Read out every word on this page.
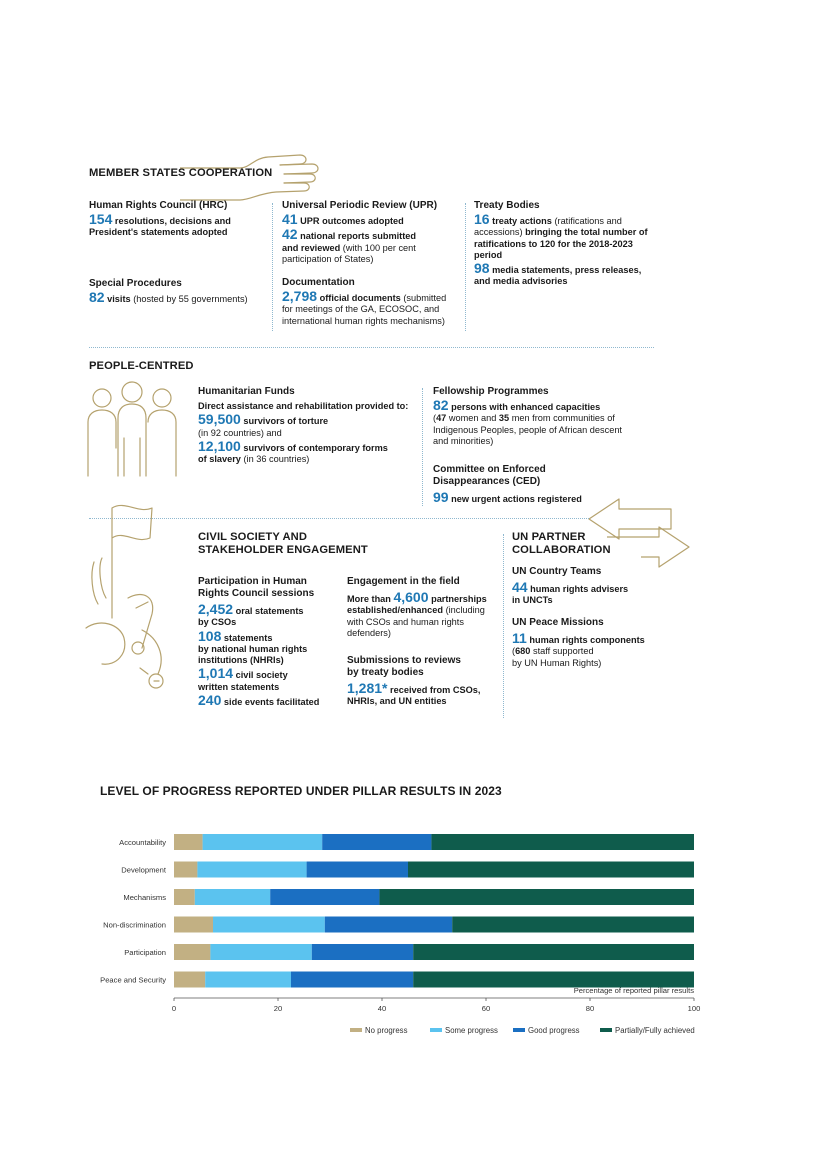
MEMBER STATES COOPERATION
Human Rights Council (HRC)
154 resolutions, decisions and
President's statements adopted
Special Procedures
82 visits (hosted by 55 governments)
Universal Periodic Review (UPR)
41 UPR outcomes adopted
42 national reports submitted
and reviewed (with 100 per cent
participation of States)
Documentation
2,798 official documents (submitted
for meetings of the GA, ECOSOC, and
international human rights mechanisms)
Treaty Bodies
16 treaty actions (ratifications and
accessions) bringing the total number of
ratifications to 120 for the 2018-2023
period
98 media statements, press releases,
and media advisories
PEOPLE-CENTRED
Humanitarian Funds
Direct assistance and rehabilitation provided to:
59,500 survivors of torture
(in 92 countries) and
12,100 survivors of contemporary forms
of slavery (in 36 countries)
Fellowship Programmes
82 persons with enhanced capacities
(47 women and 35 men from communities of
Indigenous Peoples, people of African descent
and minorities)
Committee on Enforced
Disappearances (CED)
99 new urgent actions registered
CIVIL SOCIETY AND
STAKEHOLDER ENGAGEMENT
Participation in Human
Rights Council sessions
2,452 oral statements
by CSOs
108 statements
by national human rights
institutions (NHRIs)
1,014 civil society
written statements
240 side events facilitated
Engagement in the field
More than 4,600 partnerships
established/enhanced (including
with CSOs and human rights
defenders)
Submissions to reviews
by treaty bodies
1,281* received from CSOs,
NHRIs, and UN entities
UN PARTNER
COLLABORATION
UN Country Teams
44 human rights advisers
in UNCTs
UN Peace Missions
11 human rights components
(680 staff supported
by UN Human Rights)
LEVEL OF PROGRESS REPORTED UNDER PILLAR RESULTS IN 2023
Accountability
Development
Mechanisms
Non-discrimination
Participation
Peace and Security
Percentage of reported pillar results
0	20	40	60	80	100
No progress	Some progress	Good progress	Partially/Fully achieved
